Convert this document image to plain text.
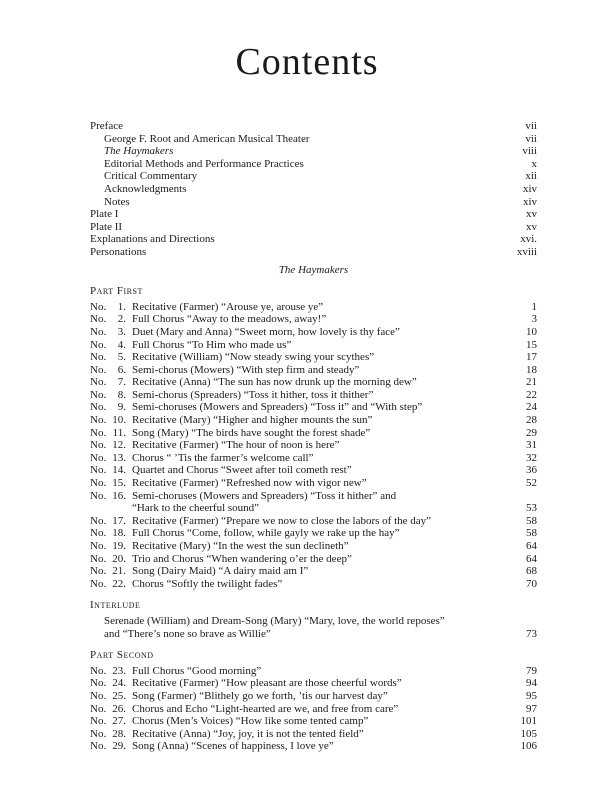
Contents
Preface	vii
George F. Root and American Musical Theater	vii
The Haymakers	viii
Editorial Methods and Performance Practices	x
Critical Commentary	xii
Acknowledgments	xiv
Notes	xiv
Plate I	xv
Plate II	xv
Explanations and Directions	xvi.
Personations	xviii
The Haymakers
Part First
No. 1. Recitative (Farmer) “Arouse ye, arouse ye”	1
No. 2. Full Chorus “Away to the meadows, away!”	3
No. 3. Duet (Mary and Anna) “Sweet morn, how lovely is thy face”	10
No. 4. Full Chorus “To Him who made us”	15
No. 5. Recitative (William) “Now steady swing your scythes”	17
No. 6. Semi-chorus (Mowers) “With step firm and steady”	18
No. 7. Recitative (Anna) “The sun has now drunk up the morning dew”	21
No. 8. Semi-chorus (Spreaders) “Toss it hither, toss it thither”	22
No. 9. Semi-choruses (Mowers and Spreaders) “Toss it” and “With step”	24
No. 10. Recitative (Mary) “Higher and higher mounts the sun”	28
No. 11. Song (Mary) “The birds have sought the forest shade”	29
No. 12. Recitative (Farmer) “The hour of noon is here”	31
No. 13. Chorus “ ’Tis the farmer’s welcome call”	32
No. 14. Quartet and Chorus “Sweet after toil cometh rest”	36
No. 15. Recitative (Farmer) “Refreshed now with vigor new”	52
No. 16. Semi-choruses (Mowers and Spreaders) “Toss it hither” and
“Hark to the cheerful sound”	53
No. 17. Recitative (Farmer) “Prepare we now to close the labors of the day”	58
No. 18. Full Chorus “Come, follow, while gayly we rake up the hay”	58
No. 19. Recitative (Mary) “In the west the sun declineth”	64
No. 20. Trio and Chorus “When wandering o’er the deep”	64
No. 21. Song (Dairy Maid) “A dairy maid am I”	68
No. 22. Chorus “Softly the twilight fades”	70
Interlude
Serenade (William) and Dream-Song (Mary) “Mary, love, the world reposes”
and “There’s none so brave as Willie”	73
Part Second
No. 23. Full Chorus “Good morning”	79
No. 24. Recitative (Farmer) “How pleasant are those cheerful words”	94
No. 25. Song (Farmer) “Blithely go we forth, ’tis our harvest day”	95
No. 26. Chorus and Echo “Light-hearted are we, and free from care”	97
No. 27. Chorus (Men’s Voices) “How like some tented camp”	101
No. 28. Recitative (Anna) “Joy, joy, it is not the tented field”	105
No. 29. Song (Anna) “Scenes of happiness, I love ye”	106
